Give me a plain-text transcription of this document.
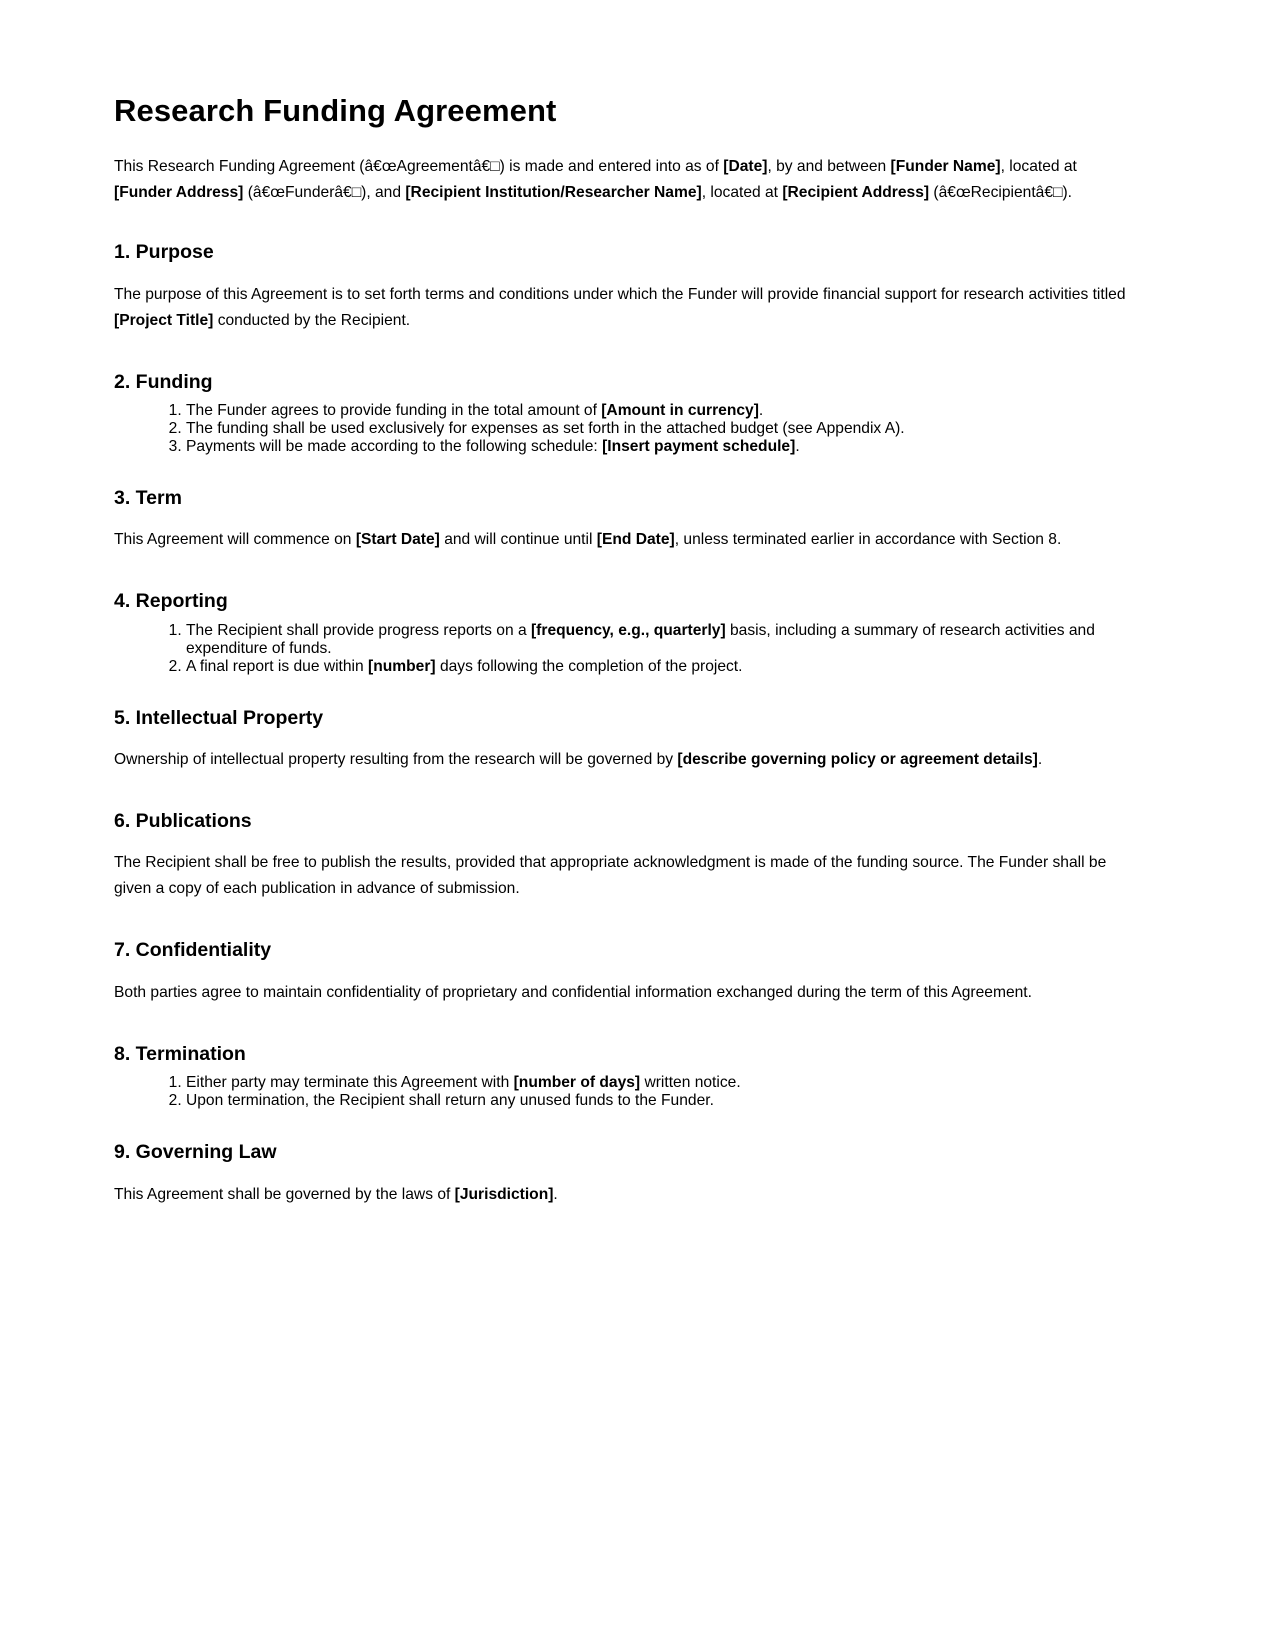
Research Funding Agreement

This Research Funding Agreement (â€œAgreementâ€□) is made and entered into as of [Date], by and between [Funder Name], located at
[Funder Address] (â€œFunderâ€□), and [Recipient Institution/Researcher Name], located at [Recipient Address] (â€œRecipientâ€□).

1. Purpose

The purpose of this Agreement is to set forth terms and conditions under which the Funder will provide financial support for research activities titled [Project Title] conducted by the Recipient.

2. Funding
1. The Funder agrees to provide funding in the total amount of [Amount in currency].
2. The funding shall be used exclusively for expenses as set forth in the attached budget (see Appendix A).
3. Payments will be made according to the following schedule: [Insert payment schedule].
3. Term

This Agreement will commence on [Start Date] and will continue until [End Date], unless terminated earlier in accordance with Section 8.

4. Reporting
1. The Recipient shall provide progress reports on a [frequency, e.g., quarterly] basis, including a summary of research activities and expenditure of funds.
2. A final report is due within [number] days following the completion of the project.
5. Intellectual Property

Ownership of intellectual property resulting from the research will be governed by [describe governing policy or agreement details].

6. Publications

The Recipient shall be free to publish the results, provided that appropriate acknowledgment is made of the funding source. The Funder shall be given a copy of each publication in advance of submission.

7. Confidentiality

Both parties agree to maintain confidentiality of proprietary and confidential information exchanged during the term of this Agreement.

8. Termination
1. Either party may terminate this Agreement with [number of days] written notice.
2. Upon termination, the Recipient shall return any unused funds to the Funder.
9. Governing Law

This Agreement shall be governed by the laws of [Jurisdiction].
